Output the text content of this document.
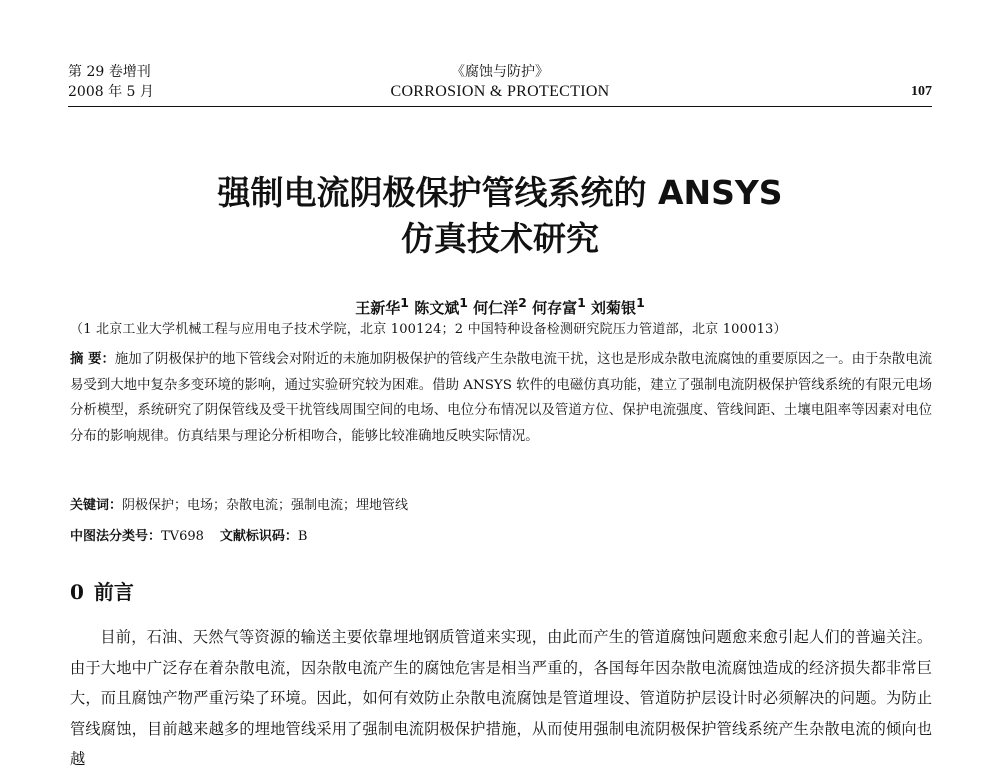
第 29 卷增刊
2008 年 5 月
《腐蚀与防护》
CORROSION & PROTECTION	107
强制电流阴极保护管线系统的 ANSYS
仿真技术研究
王新华$^1$ 陈文斌$^1$ 何仁洋$^2$ 何存富$^1$ 刘菊银$^1$
（1 北京工业大学机械工程与应用电子技术学院，北京 100124；2 中国特种设备检测研究院压力管道部，北京 100013）
摘 要：施加了阴极保护的地下管线会对附近的未施加阴极保护的管线产生杂散电流干扰，这也是形成杂散电流腐蚀的重要原因之一。由于杂散电流易受到大地中复杂多变环境的影响，通过实验研究较为困难。借助 ANSYS 软件的电磁仿真功能，建立了强制电流阴极保护管线系统的有限元电场分析模型，系统研究了阴保管线及受干扰管线周围空间的电场、电位分布情况以及管道方位、保护电流强度、管线间距、土壤电阻率等因素对电位分布的影响规律。仿真结果与理论分析相吻合，能够比较准确地反映实际情况。
关键词：阴极保护；电场；杂散电流；强制电流；埋地管线
中图法分类号：TV698 文献标识码：B
0 前言
目前，石油、天然气等资源的输送主要依靠埋地钢质管道来实现，由此而产生的管道腐蚀问题愈来愈引起人们的普遍关注。由于大地中广泛存在着杂散电流，因杂散电流产生的腐蚀危害是相当严重的，各国每年因杂散电流腐蚀造成的经济损失都非常巨大，而且腐蚀产物严重污染了环境。因此，如何有效防止杂散电流腐蚀是管道埋设、管道防护层设计时必须解决的问题。为防止管线腐蚀，目前越来越多的埋地管线采用了强制电流阴极保护措施，从而使用强制电流阴极保护管线系统产生杂散电流的倾向也越
